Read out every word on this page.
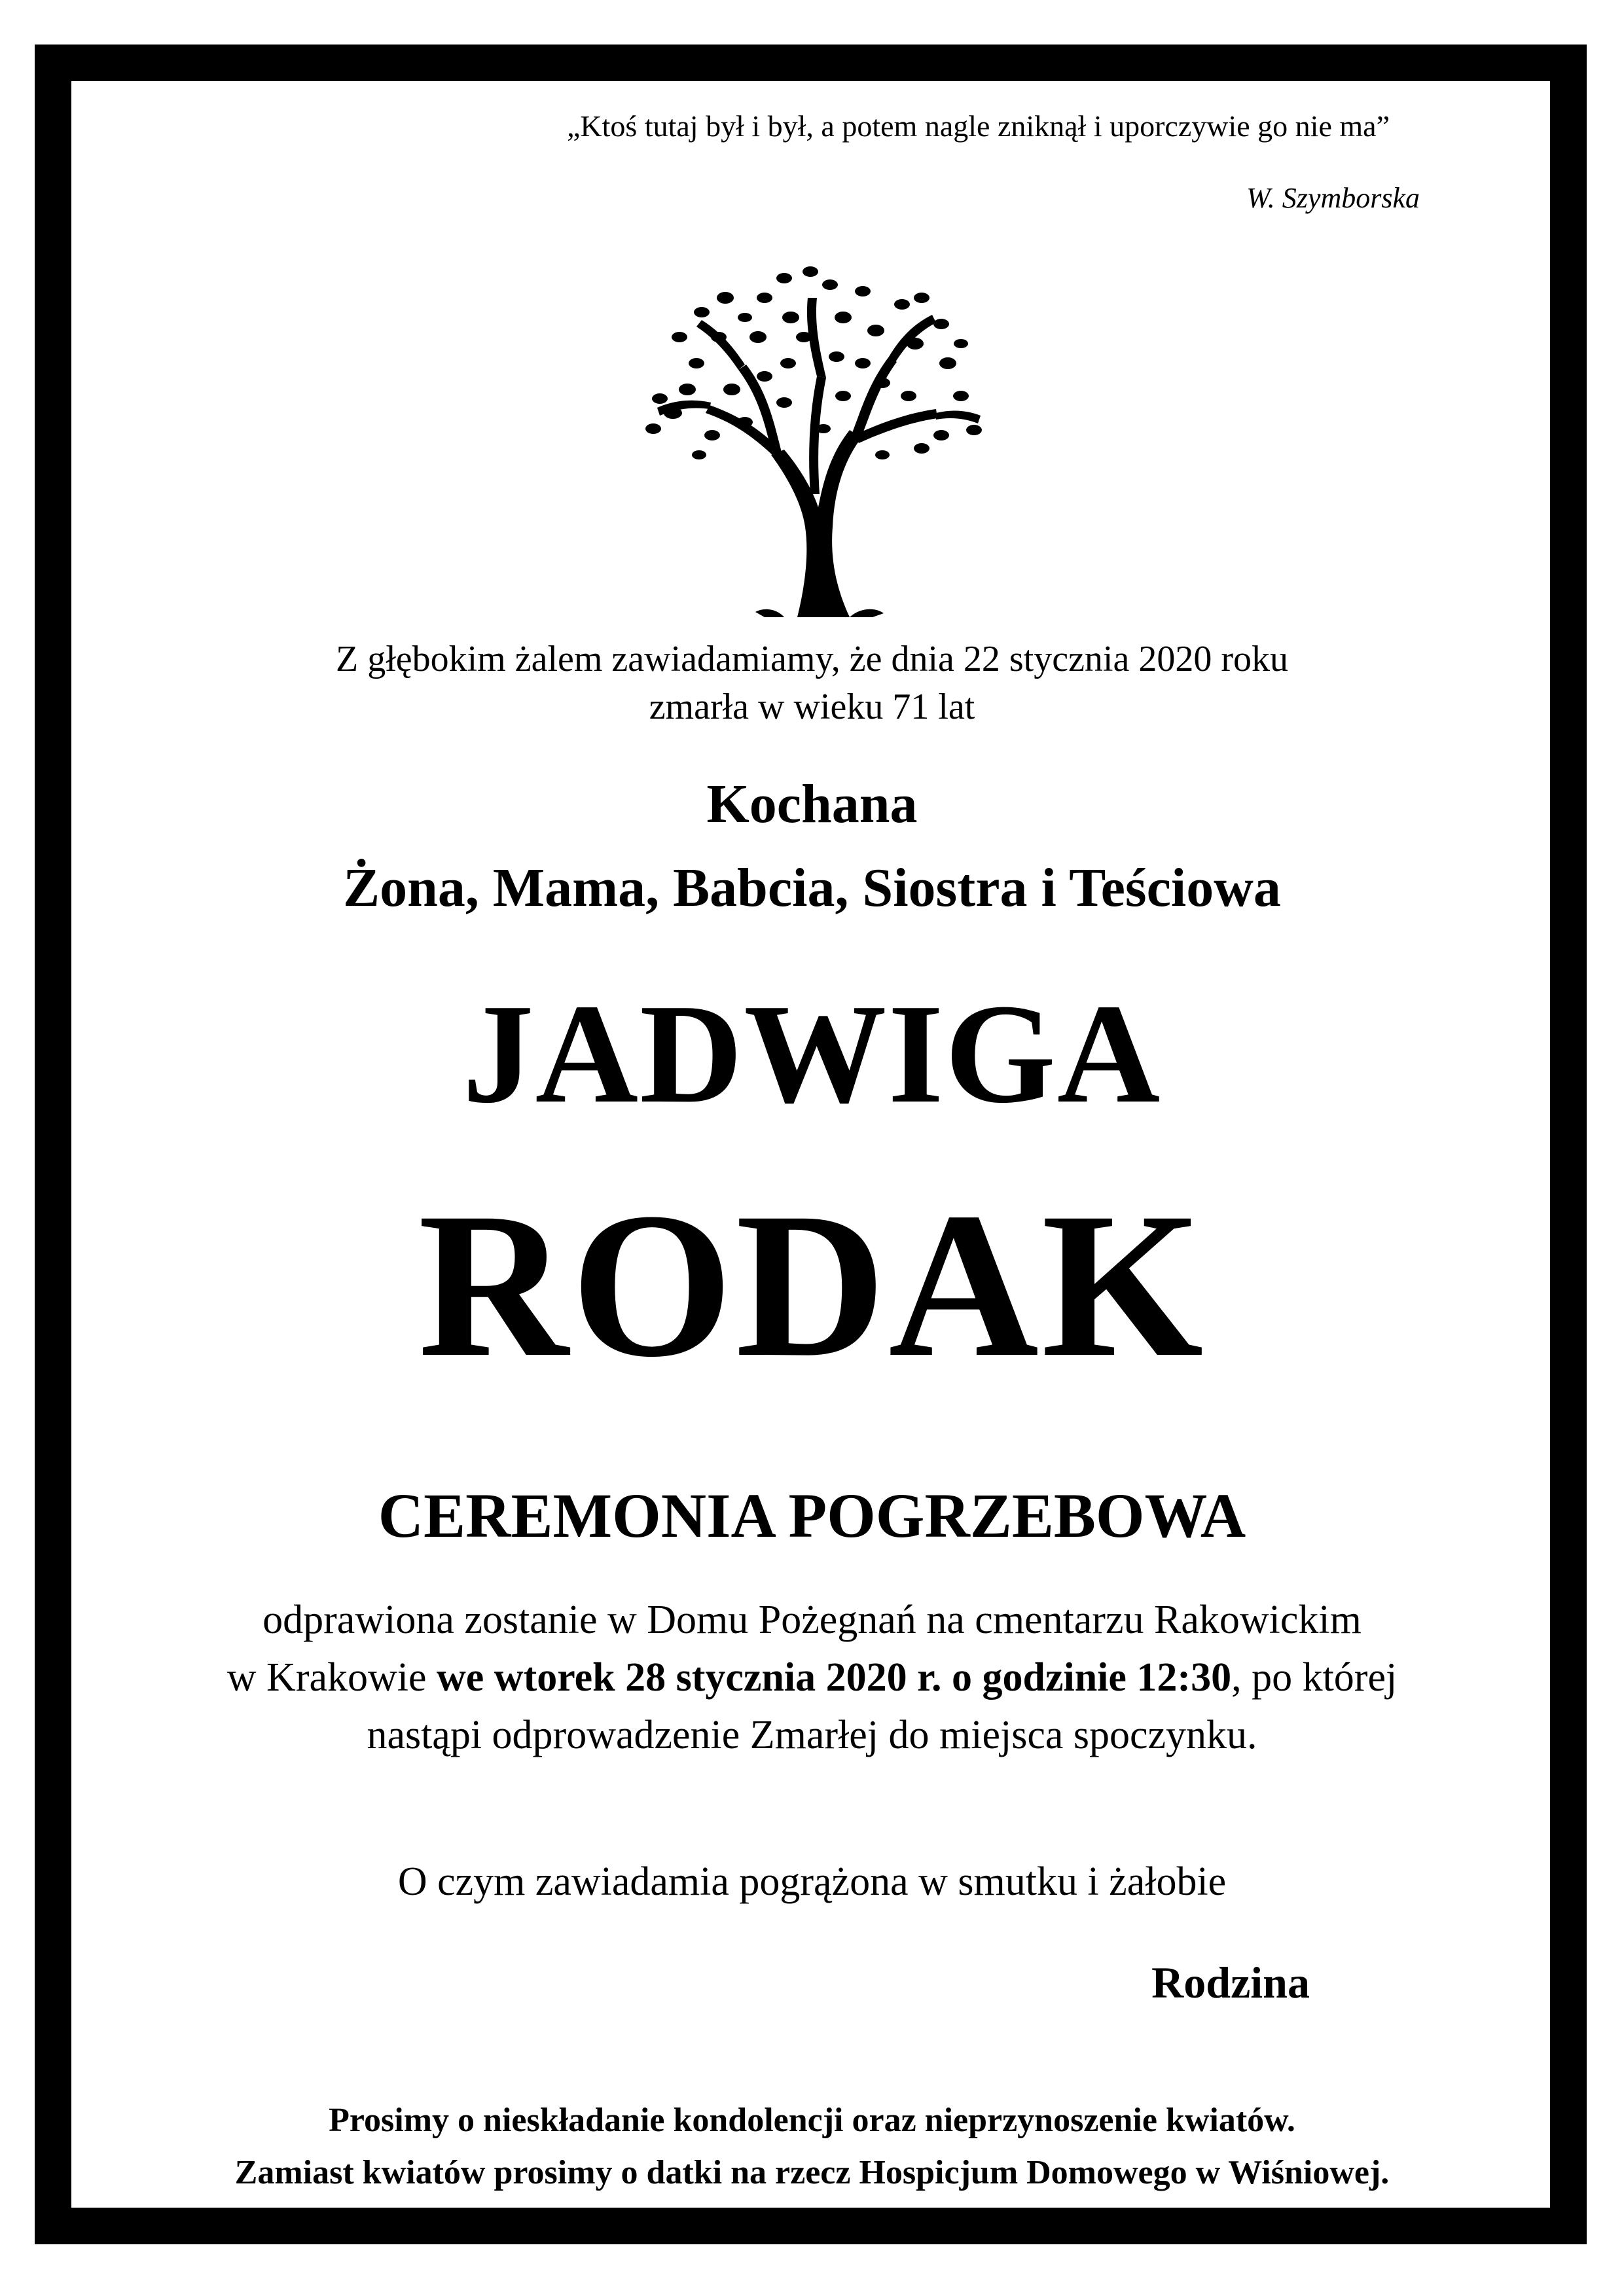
„Ktoś tutaj był i był, a potem nagle zniknął i uporczywie go nie ma”
W. Szymborska
Z głębokim żalem zawiadamiamy, że dnia 22 stycznia 2020 roku
zmarła w wieku 71 lat
Kochana
Żona, Mama, Babcia, Siostra i Teściowa
JADWIGA
RODAK
CEREMONIA POGRZEBOWA
odprawiona zostanie w Domu Pożegnań na cmentarzu Rakowickim
w Krakowie we wtorek 28 stycznia 2020 r. o godzinie 12:30, po której
nastąpi odprowadzenie Zmarłej do miejsca spoczynku.
O czym zawiadamia pogrążona w smutku i żałobie
Rodzina
Prosimy o nieskładanie kondolencji oraz nieprzynoszenie kwiatów.
Zamiast kwiatów prosimy o datki na rzecz Hospicjum Domowego w Wiśniowej.
